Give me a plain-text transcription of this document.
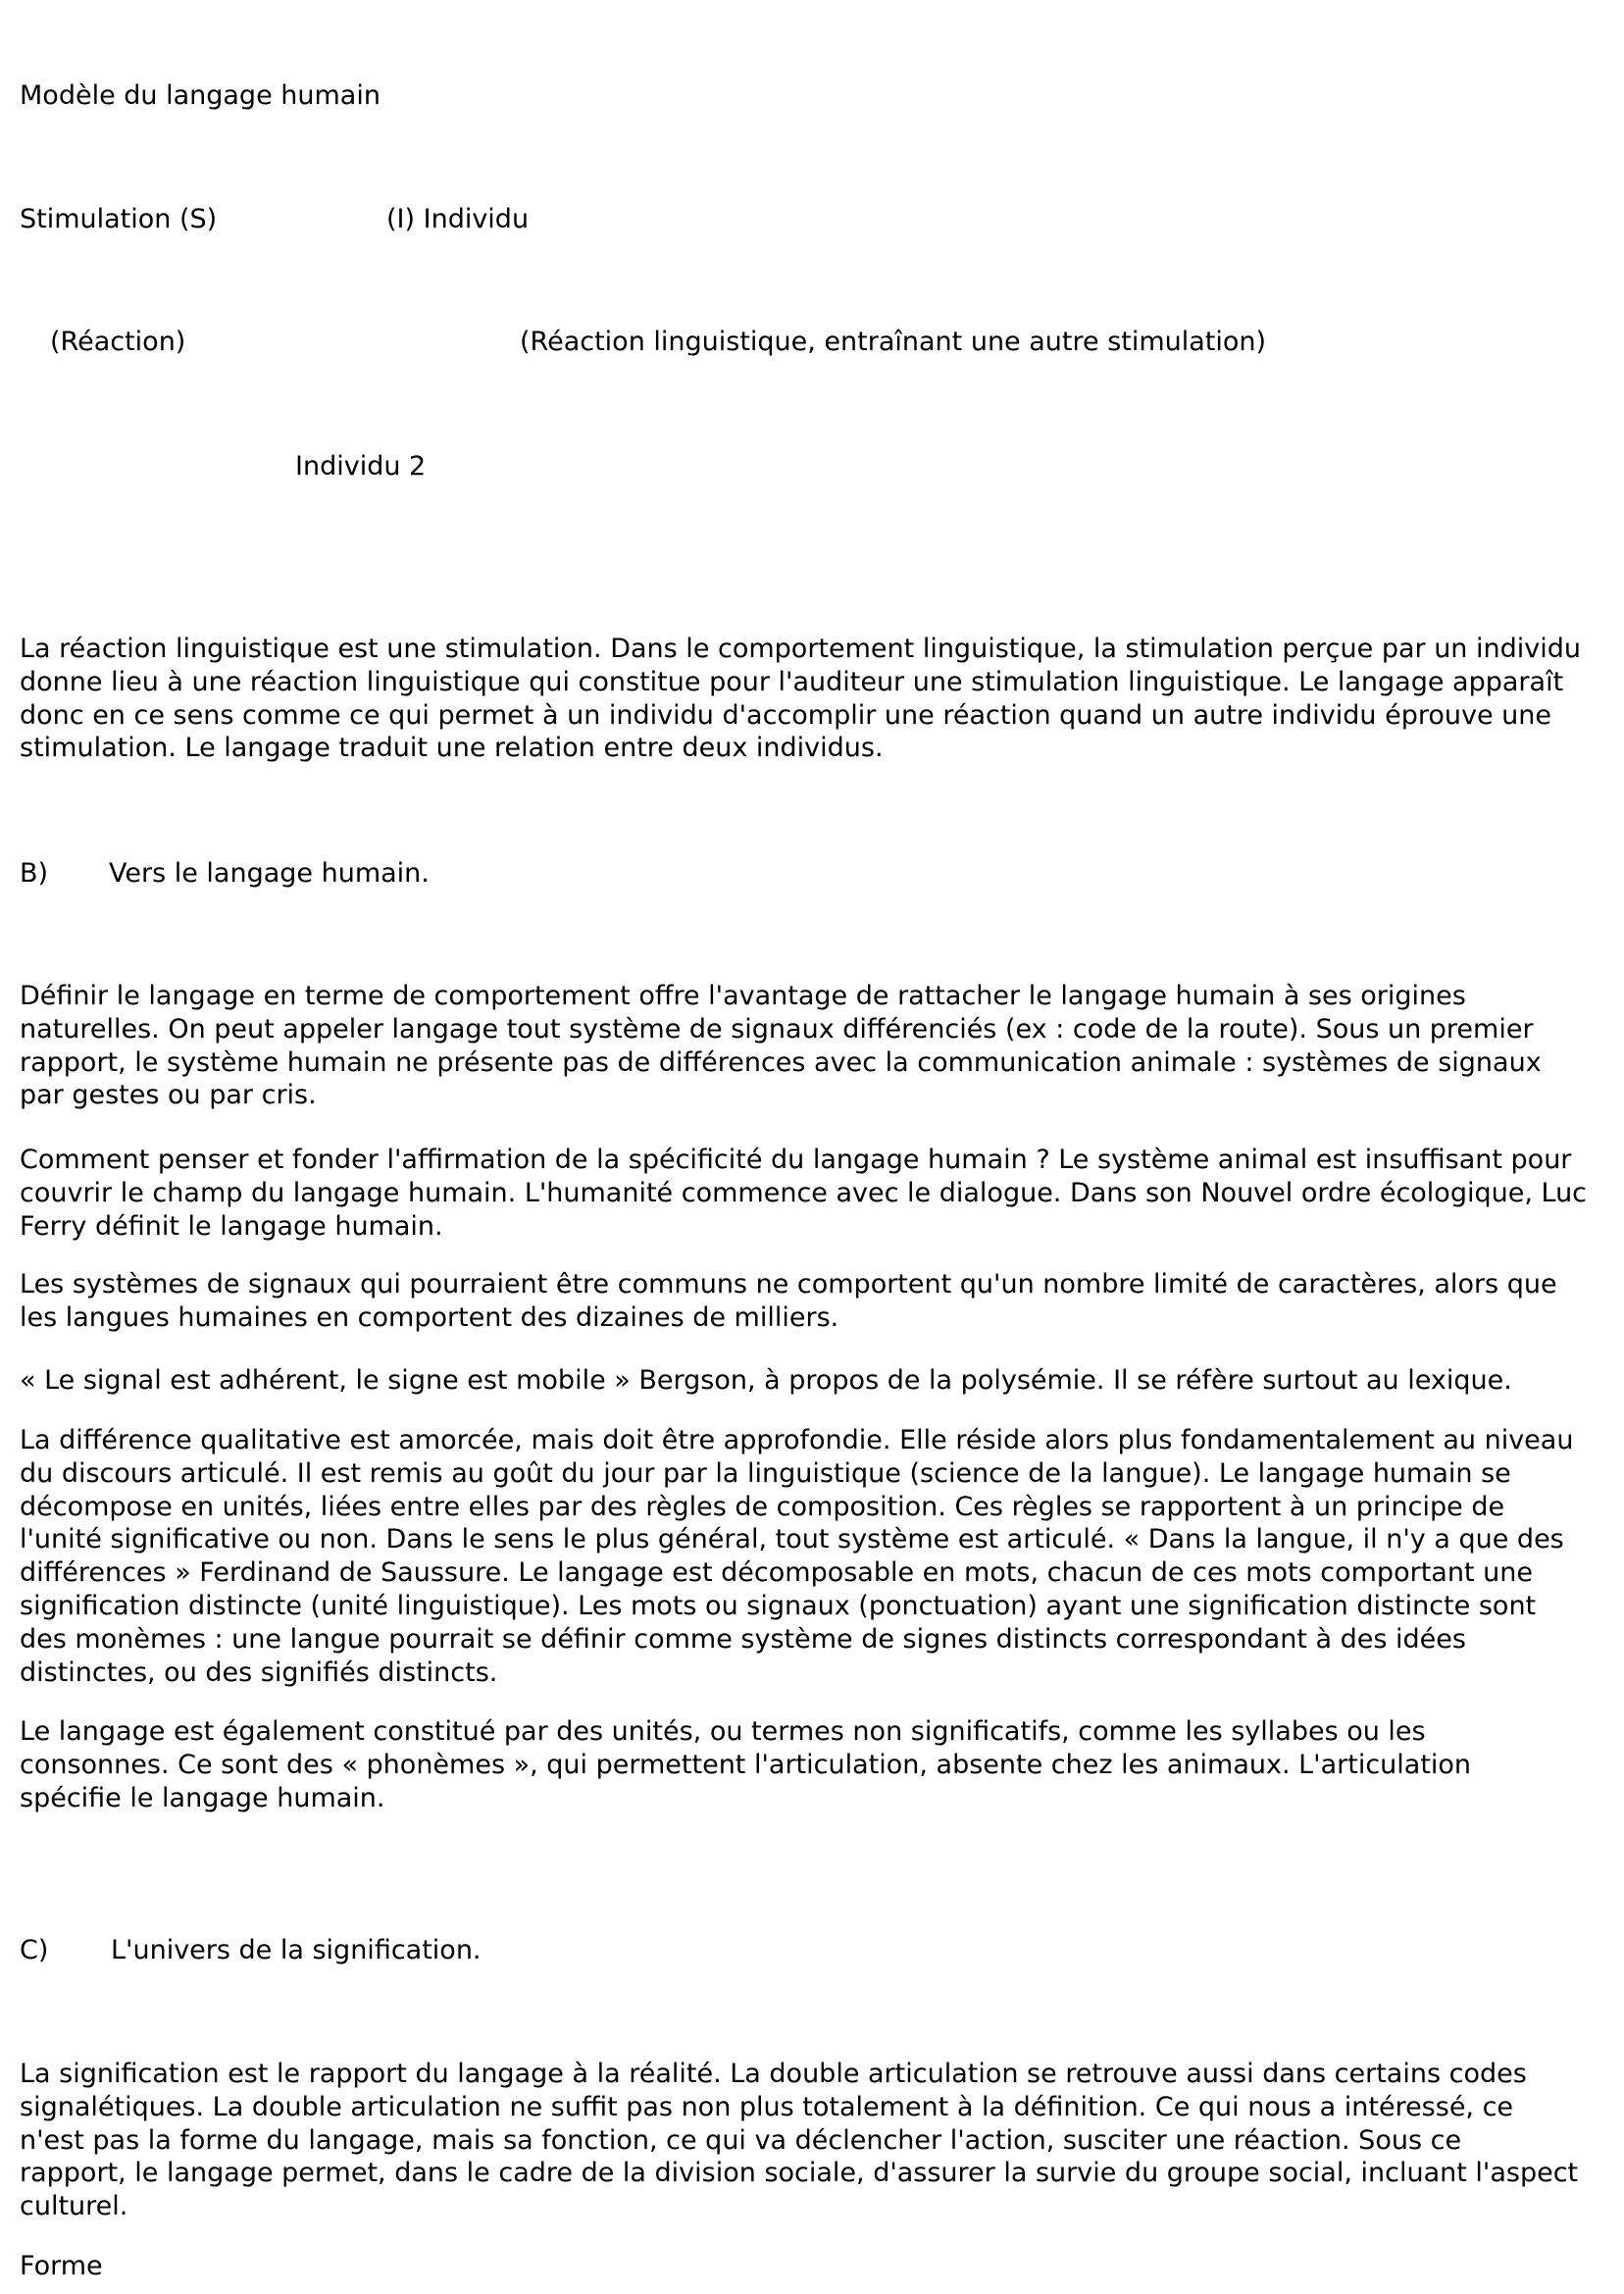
Modèle du langage humain
Stimulation (S)	(I) Individu
(Réaction)	(Réaction linguistique, entraînant une autre stimulation)
Individu 2
La réaction linguistique est une stimulation. Dans le comportement linguistique, la stimulation perçue par un individu
donne lieu à une réaction linguistique qui constitue pour l'auditeur une stimulation linguistique. Le langage apparaît
donc en ce sens comme ce qui permet à un individu d'accomplir une réaction quand un autre individu éprouve une
stimulation. Le langage traduit une relation entre deux individus.
B) Vers le langage humain.
Définir le langage en terme de comportement offre l'avantage de rattacher le langage humain à ses origines
naturelles. On peut appeler langage tout système de signaux différenciés (ex : code de la route). Sous un premier
rapport, le système humain ne présente pas de différences avec la communication animale : systèmes de signaux
par gestes ou par cris.
Comment penser et fonder l'affirmation de la spécificité du langage humain ? Le système animal est insuffisant pour
couvrir le champ du langage humain. L'humanité commence avec le dialogue. Dans son Nouvel ordre écologique, Luc
Ferry définit le langage humain.
Les systèmes de signaux qui pourraient être communs ne comportent qu'un nombre limité de caractères, alors que
les langues humaines en comportent des dizaines de milliers.
« Le signal est adhérent, le signe est mobile » Bergson, à propos de la polysémie. Il se réfère surtout au lexique.
La différence qualitative est amorcée, mais doit être approfondie. Elle réside alors plus fondamentalement au niveau
du discours articulé. Il est remis au goût du jour par la linguistique (science de la langue). Le langage humain se
décompose en unités, liées entre elles par des règles de composition. Ces règles se rapportent à un principe de
l'unité significative ou non. Dans le sens le plus général, tout système est articulé. « Dans la langue, il n'y a que des
différences » Ferdinand de Saussure. Le langage est décomposable en mots, chacun de ces mots comportant une
signification distincte (unité linguistique). Les mots ou signaux (ponctuation) ayant une signification distincte sont
des monèmes : une langue pourrait se définir comme système de signes distincts correspondant à des idées
distinctes, ou des signifiés distincts.
Le langage est également constitué par des unités, ou termes non significatifs, comme les syllabes ou les
consonnes. Ce sont des « phonèmes », qui permettent l'articulation, absente chez les animaux. L'articulation
spécifie le langage humain.
C) L'univers de la signification.
La signification est le rapport du langage à la réalité. La double articulation se retrouve aussi dans certains codes
signalétiques. La double articulation ne suffit pas non plus totalement à la définition. Ce qui nous a intéressé, ce
n'est pas la forme du langage, mais sa fonction, ce qui va déclencher l'action, susciter une réaction. Sous ce
rapport, le langage permet, dans le cadre de la division sociale, d'assurer la survie du groupe social, incluant l'aspect
culturel.
Forme
